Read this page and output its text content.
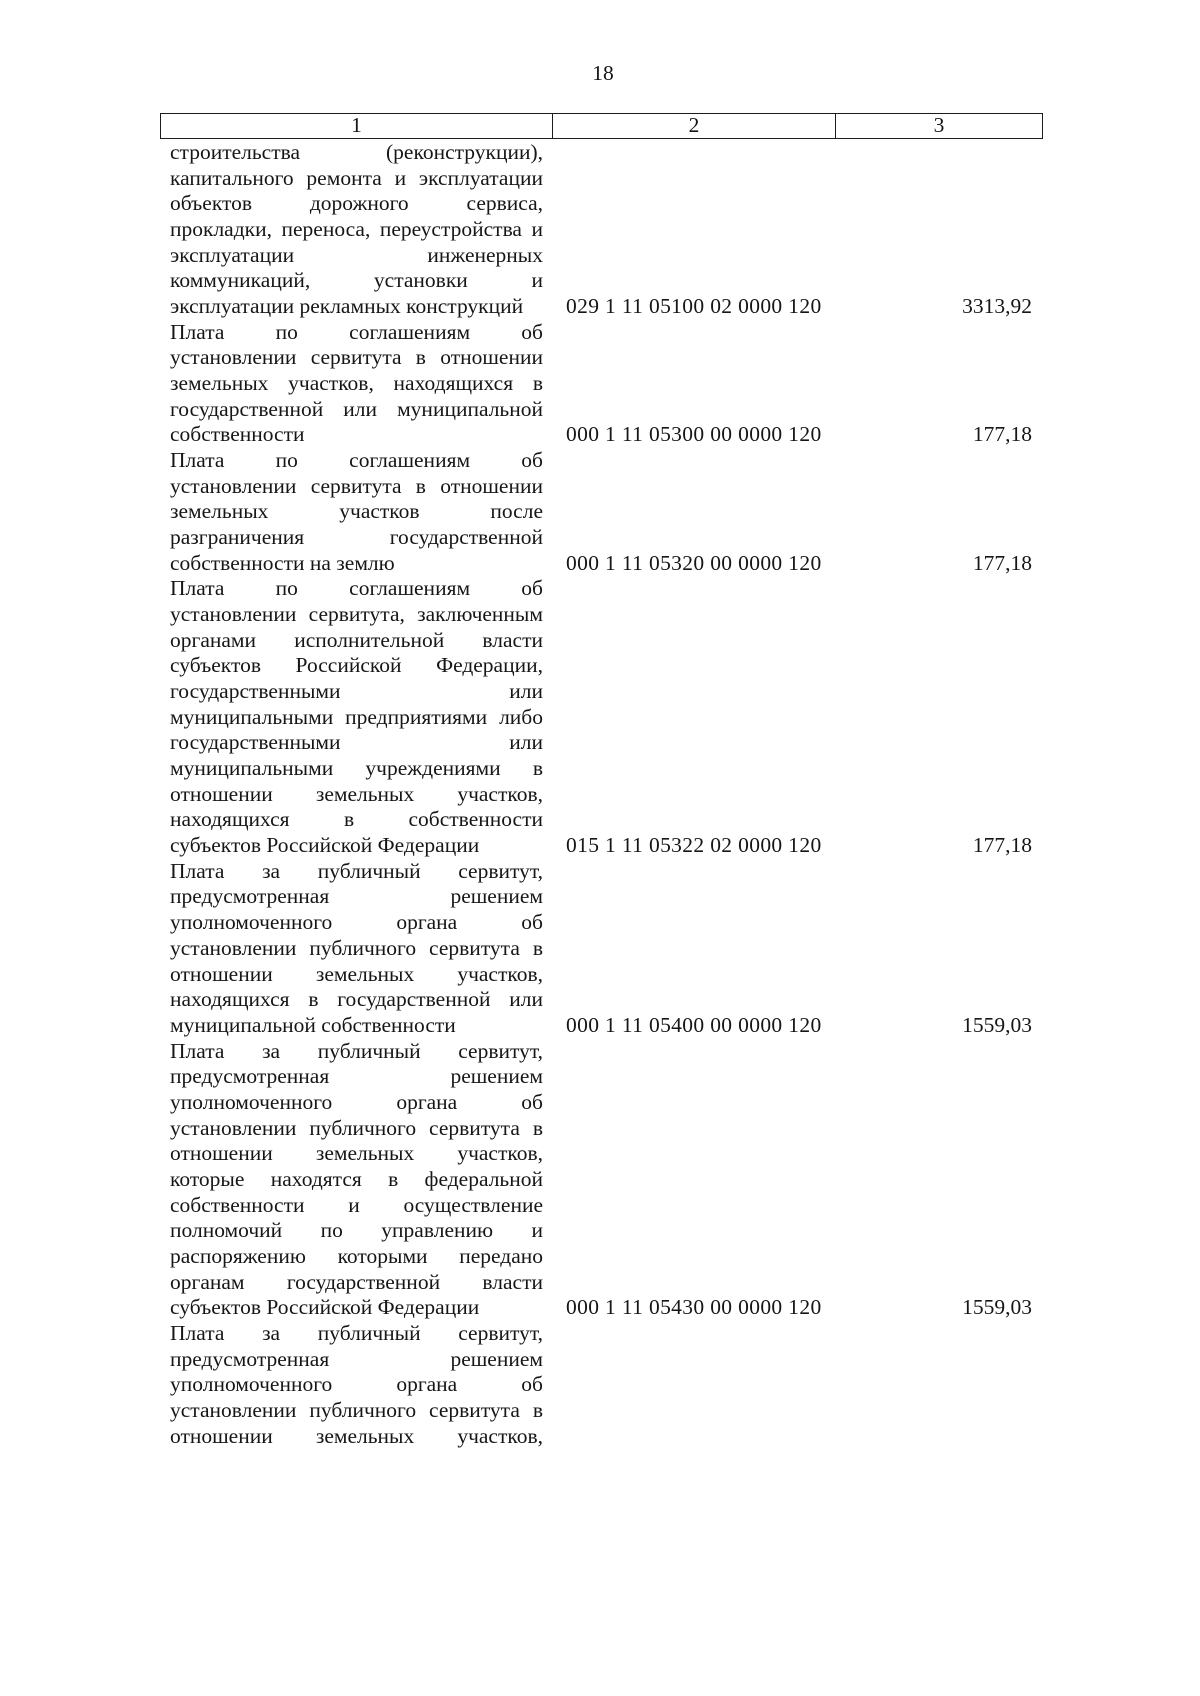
18
1	2	3
строительства (реконструкции),
капитального ремонта и эксплуатации
объектов дорожного сервиса,
прокладки, переноса, переустройства и
эксплуатации инженерных
коммуникаций, установки и
эксплуатации рекламных конструкций	029 1 11 05100 02 0000 120	3313,92
Плата по соглашениям об
установлении сервитута в отношении
земельных участков, находящихся в
государственной или муниципальной
собственности	000 1 11 05300 00 0000 120	177,18
Плата по соглашениям об
установлении сервитута в отношении
земельных участков после
разграничения государственной
собственности на землю	000 1 11 05320 00 0000 120	177,18
Плата по соглашениям об
установлении сервитута, заключенным
органами исполнительной власти
субъектов Российской Федерации,
государственными или
муниципальными предприятиями либо
государственными или
муниципальными учреждениями в
отношении земельных участков,
находящихся в собственности
субъектов Российской Федерации	015 1 11 05322 02 0000 120	177,18
Плата за публичный сервитут,
предусмотренная решением
уполномоченного органа об
установлении публичного сервитута в
отношении земельных участков,
находящихся в государственной или
муниципальной собственности	000 1 11 05400 00 0000 120	1559,03
Плата за публичный сервитут,
предусмотренная решением
уполномоченного органа об
установлении публичного сервитута в
отношении земельных участков,
которые находятся в федеральной
собственности и осуществление
полномочий по управлению и
распоряжению которыми передано
органам государственной власти
субъектов Российской Федерации	000 1 11 05430 00 0000 120	1559,03
Плата за публичный сервитут,
предусмотренная решением
уполномоченного органа об
установлении публичного сервитута в
отношении земельных участков,
